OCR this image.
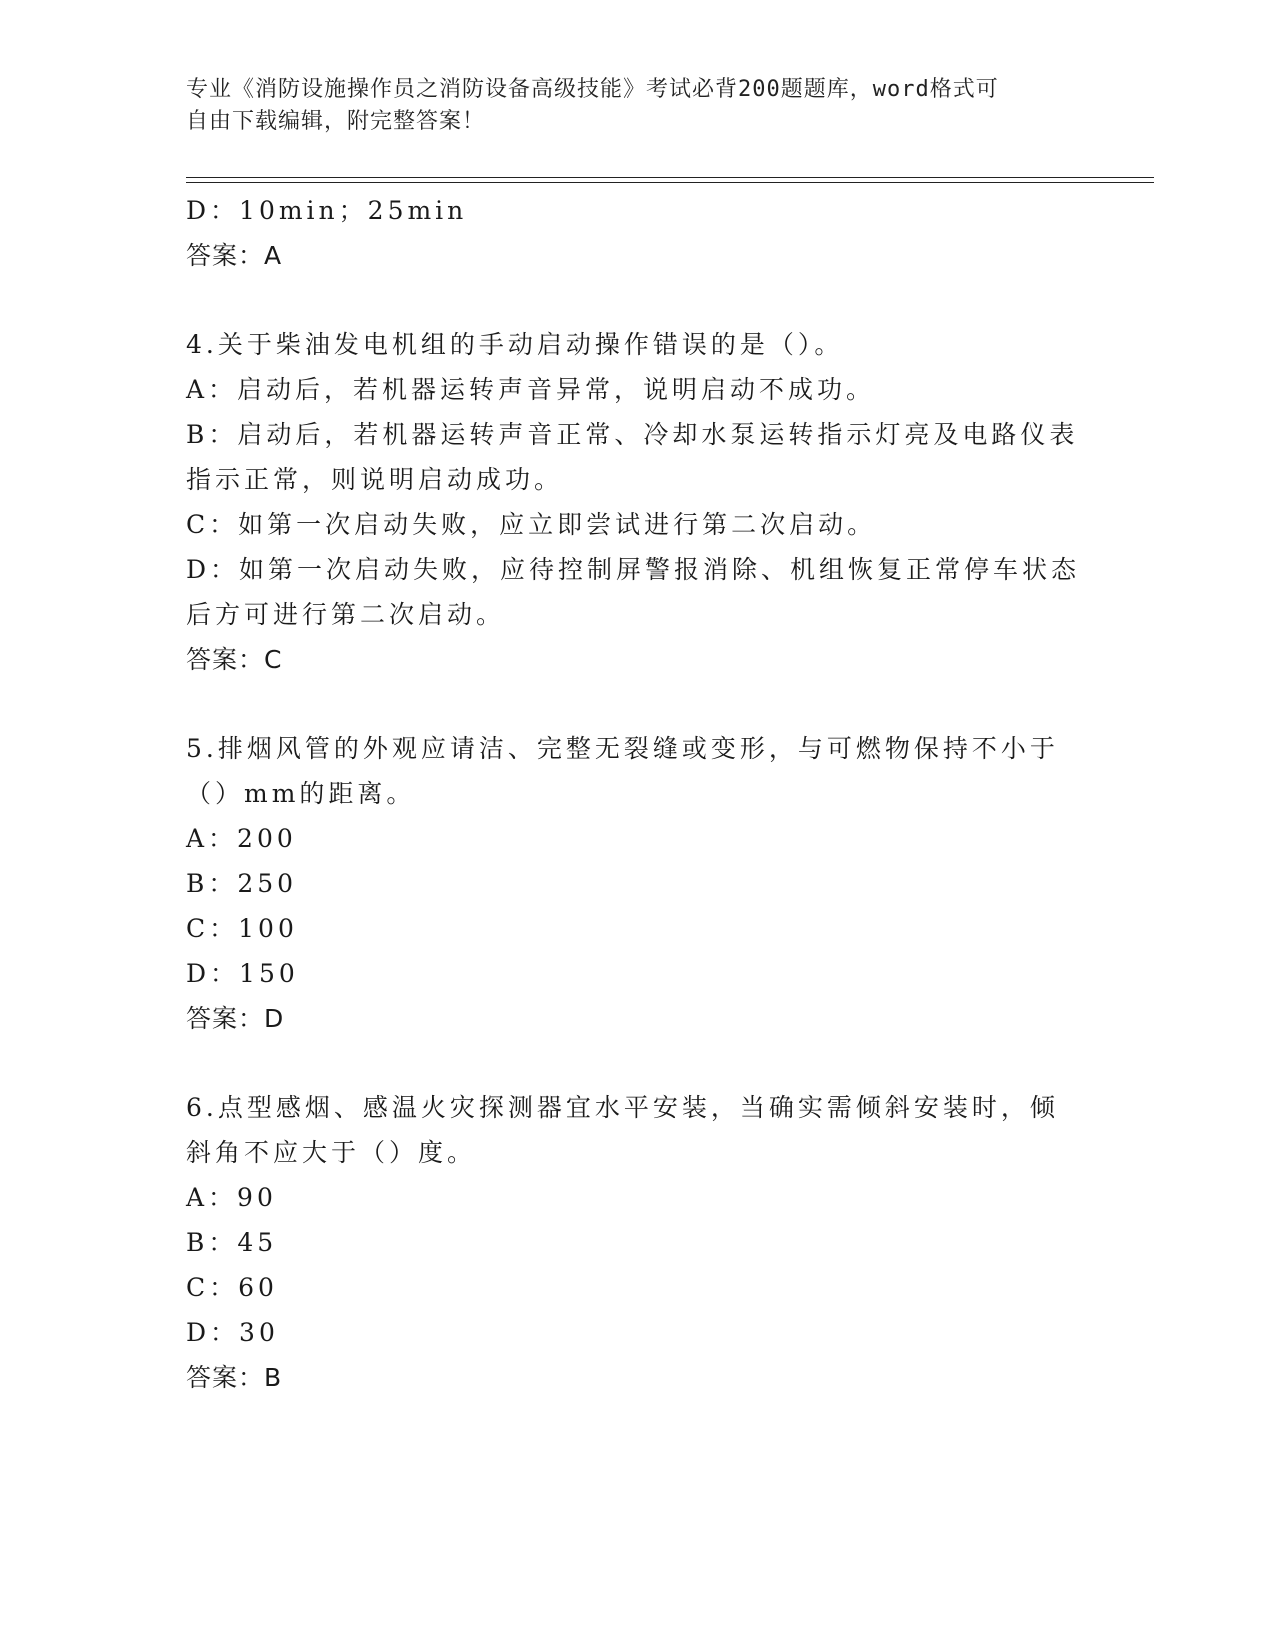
专业《消防设施操作员之消防设备高级技能》考试必背200题题库，word格式可
自由下载编辑，附完整答案！
D：10min；25min
答案：A
4.关于柴油发电机组的手动启动操作错误的是（）。
A：启动后，若机器运转声音异常，说明启动不成功。
B：启动后，若机器运转声音正常、冷却水泵运转指示灯亮及电路仪表
指示正常，则说明启动成功。
C：如第一次启动失败，应立即尝试进行第二次启动。
D：如第一次启动失败，应待控制屏警报消除、机组恢复正常停车状态
后方可进行第二次启动。
答案：C
5.排烟风管的外观应请洁、完整无裂缝或变形，与可燃物保持不小于
（）mm的距离。
A：200
B：250
C：100
D：150
答案：D
6.点型感烟、感温火灾探测器宜水平安装，当确实需倾斜安装时，倾
斜角不应大于（）度。
A：90
B：45
C：60
D：30
答案：B
